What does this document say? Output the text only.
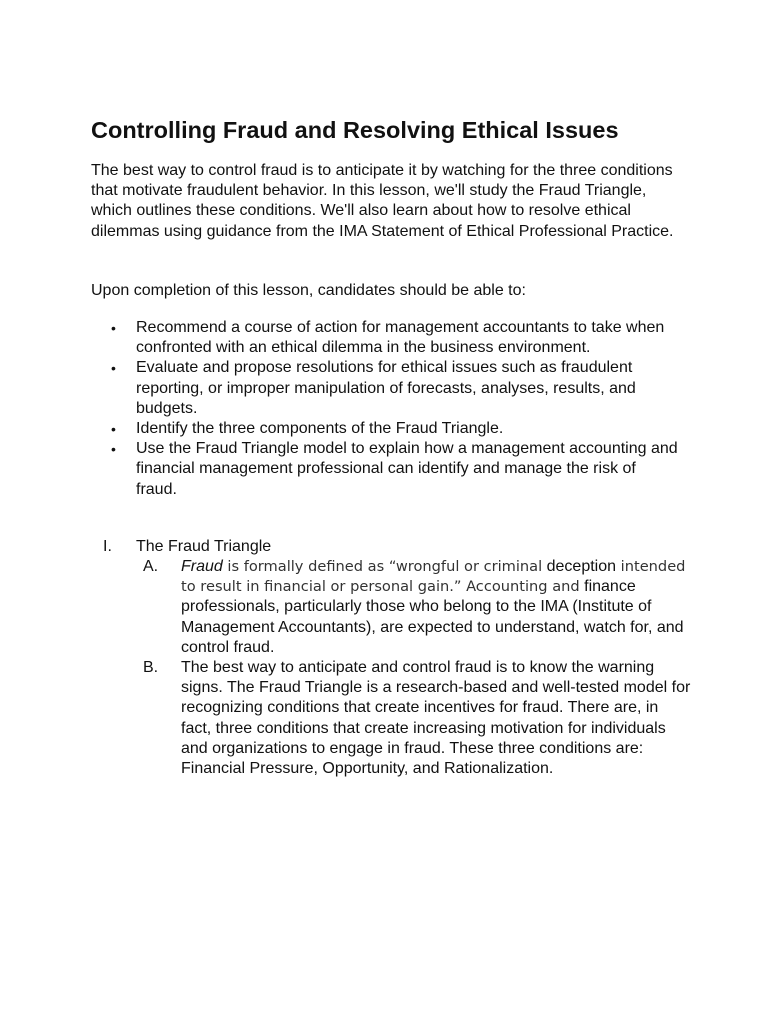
Controlling Fraud and Resolving Ethical Issues

The best way to control fraud is to anticipate it by watching for the three conditions that motivate fraudulent behavior. In this lesson, we'll study the Fraud Triangle, which outlines these conditions. We'll also learn about how to resolve ethical dilemmas using guidance from the IMA Statement of Ethical Professional Practice.

Upon completion of this lesson, candidates should be able to:

• Recommend a course of action for management accountants to take when confronted with an ethical dilemma in the business environment.
• Evaluate and propose resolutions for ethical issues such as fraudulent reporting, or improper manipulation of forecasts, analyses, results, and budgets.
• Identify the three components of the Fraud Triangle.
• Use the Fraud Triangle model to explain how a management accounting and financial management professional can identify and manage the risk of fraud.
I. The Fraud Triangle
A. Fraud is formally defined as “wrongful or criminal deception intended to result in financial or personal gain.” Accounting and finance professionals, particularly those who belong to the IMA (Institute of Management Accountants), are expected to understand, watch for, and control fraud.
B. The best way to anticipate and control fraud is to know the warning signs. The Fraud Triangle is a research-based and well-tested model for recognizing conditions that create incentives for fraud. There are, in fact, three conditions that create increasing motivation for individuals and organizations to engage in fraud. These three conditions are: Financial Pressure, Opportunity, and Rationalization.
